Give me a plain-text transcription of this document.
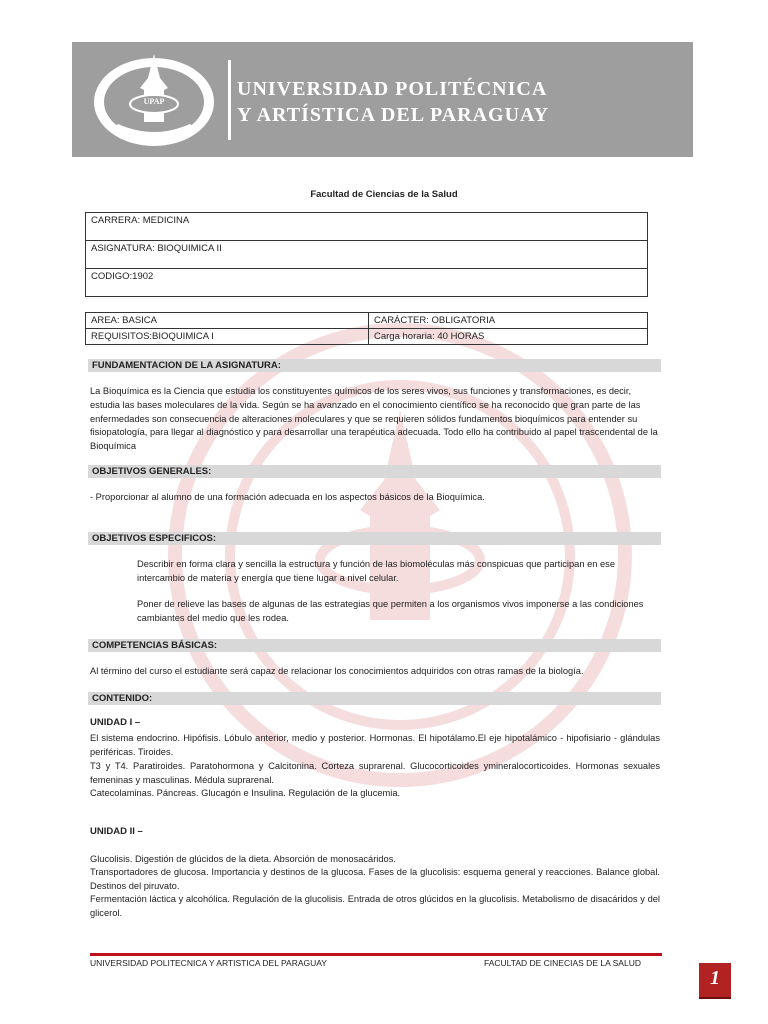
UPAP
UNIVERSIDAD POLITÉCNICA
Y ARTÍSTICA DEL PARAGUAY
Facultad de Ciencias de la Salud
CARRERA: MEDICINA
ASIGNATURA: BIOQUIMICA II
CODIGO:1902
AREA: BASICA	CARÁCTER: OBLIGATORIA
REQUISITOS:BIOQUIMICA I	Carga horaria: 40 HORAS
FUNDAMENTACION DE LA ASIGNATURA:
La Bioquímica es la Ciencia que estudia los constituyentes químicos de los seres vivos, sus funciones y transformaciones, es decir, estudia las bases moleculares de la vida. Según se ha avanzado en el conocimiento científico se ha reconocido que gran parte de las enfermedades son consecuencia de alteraciones moleculares y que se requieren sólidos fundamentos bioquímicos para entender su fisiopatología, para llegar al diagnóstico y para desarrollar una terapéutica adecuada. Todo ello ha contribuido al papel trascendental de la Bioquímica
OBJETIVOS GENERALES:
- Proporcionar al alumno de una formación adecuada en los aspectos básicos de la Bioquímica.
OBJETIVOS ESPECIFICOS:
Describir en forma clara y sencilla la estructura y función de las biomoléculas más conspicuas que participan en ese intercambio de materia y energía que tiene lugar a nivel celular.
Poner de relieve las bases de algunas de las estrategias que permiten a los organismos vivos imponerse a las condiciones cambiantes del medio que les rodea.
COMPETENCIAS BÁSICAS:
Al término del curso el estudiante será capaz de relacionar los conocimientos adquiridos con otras ramas de la biología.
CONTENIDO:
UNIDAD I –
El sistema endocrino. Hipófisis. Lóbulo anterior, medio y posterior. Hormonas. El hipotálamo.El eje hipotalámico - hipofisiario - glándulas periféricas. Tiroides.
T3 y T4. Paratiroides. Paratohormona y Calcitonina. Corteza suprarenal. Glucocorticoides ymineralocorticoides. Hormonas sexuales femeninas y masculinas. Médula suprarenal.
Catecolaminas. Páncreas. Glucagón e Insulina. Regulación de la glucemia.
UNIDAD II –
Glucolisis. Digestión de glúcidos de la dieta. Absorción de monosacáridos.
Transportadores de glucosa. Importancia y destinos de la glucosa. Fases de la glucolisis: esquema general y reacciones. Balance global. Destinos del piruvato.
Fermentación láctica y alcohólica. Regulación de la glucolisis. Entrada de otros glúcidos en la glucolisis. Metabolismo de disacáridos y del glicerol.
UNIVERSIDAD POLITECNICA Y ARTISTICA DEL PARAGUAY	FACULTAD DE CINECIAS DE LA SALUD
1
